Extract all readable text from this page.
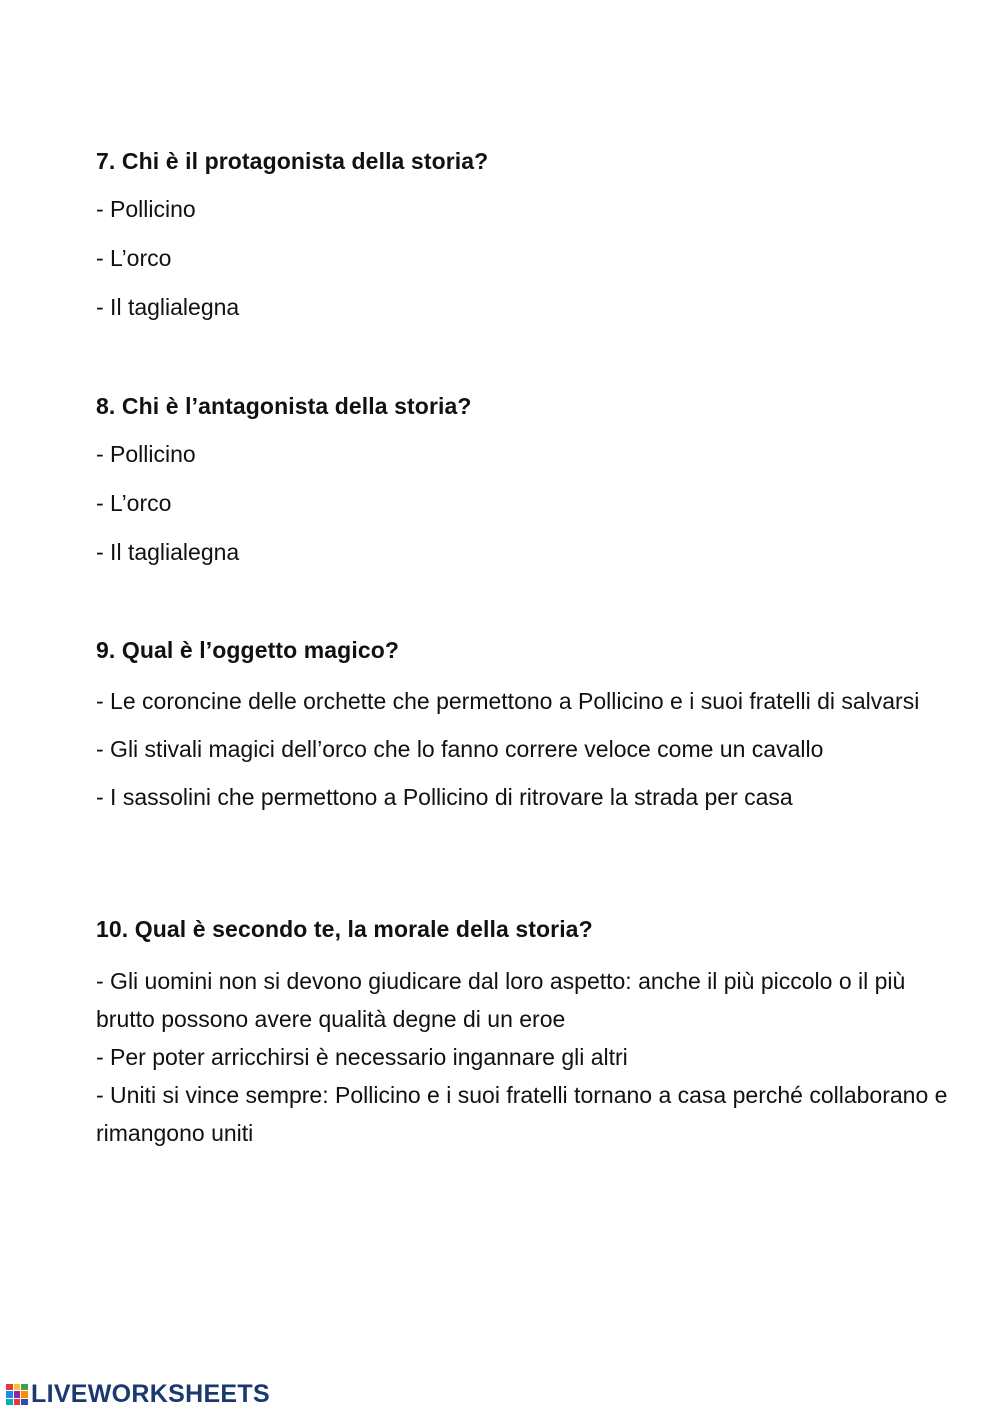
7. Chi è il protagonista della storia?
- Pollicino
- L’orco
- Il taglialegna
8. Chi è l’antagonista della storia?
- Pollicino
- L’orco
- Il taglialegna
9. Qual è l’oggetto magico?
- Le coroncine delle orchette che permettono a Pollicino e i suoi fratelli di salvarsi
- Gli stivali magici dell’orco che lo fanno correre veloce come un cavallo
- I sassolini che permettono a Pollicino di ritrovare la strada per casa
10. Qual è secondo te, la morale della storia?
- Gli uomini non si devono giudicare dal loro aspetto: anche il più piccolo o il più brutto possono avere qualità degne di un eroe
- Per poter arricchirsi è necessario ingannare gli altri
- Uniti si vince sempre: Pollicino e i suoi fratelli tornano a casa perché collaborano e rimangono uniti
LIVEWORKSHEETS
